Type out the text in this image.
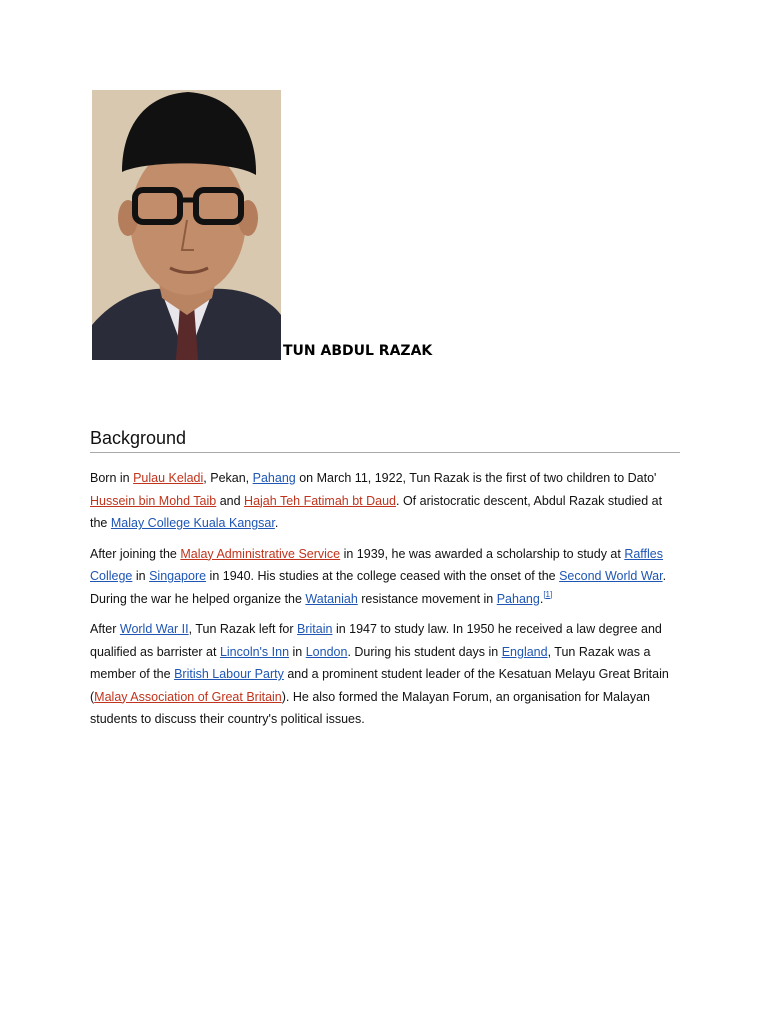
TUN ABDUL RAZAK
Background

Born in Pulau Keladi, Pekan, Pahang on March 11, 1922, Tun Razak is the first of two children to Dato' Hussein bin Mohd Taib and Hajah Teh Fatimah bt Daud. Of aristocratic descent, Abdul Razak studied at the Malay College Kuala Kangsar.

After joining the Malay Administrative Service in 1939, he was awarded a scholarship to study at Raffles College in Singapore in 1940. His studies at the college ceased with the onset of the Second World War. During the war he helped organize the Wataniah resistance movement in Pahang.[1]

After World War II, Tun Razak left for Britain in 1947 to study law. In 1950 he received a law degree and qualified as barrister at Lincoln's Inn in London. During his student days in England, Tun Razak was a member of the British Labour Party and a prominent student leader of the Kesatuan Melayu Great Britain (Malay Association of Great Britain). He also formed the Malayan Forum, an organisation for Malayan students to discuss their country's political issues.
